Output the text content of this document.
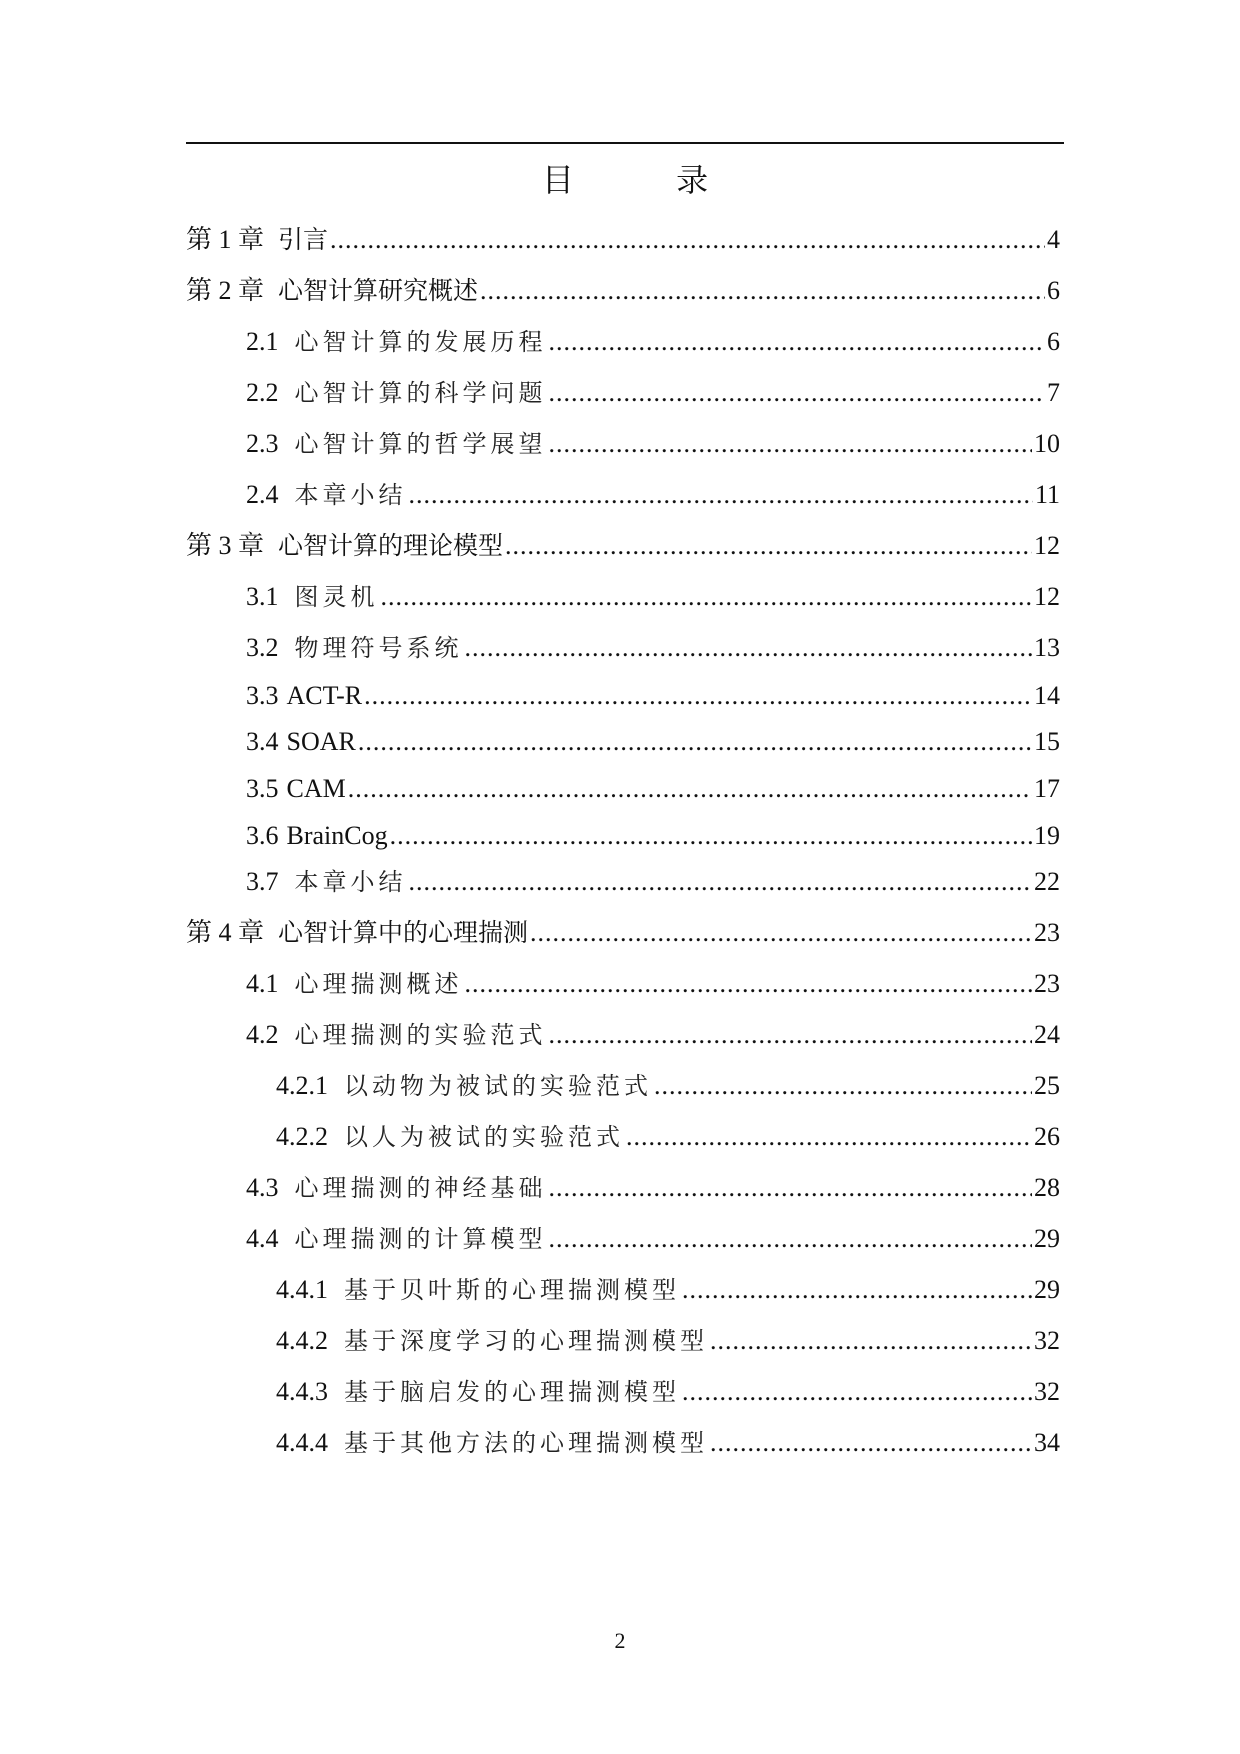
目 录
第 1 章 引言 .....	4
第 2 章 心智计算研究概述 .....	6
2.1 心智计算的发展历程 .....	6
2.2 心智计算的科学问题 .....	7
2.3 心智计算的哲学展望 .....	10
2.4 本章小结 .....	11
第 3 章 心智计算的理论模型 .....	12
3.1 图灵机 .....	12
3.2 物理符号系统 .....	13
3.3 ACT-R .....	14
3.4 SOAR .....	15
3.5 CAM .....	17
3.6 BrainCog .....	19
3.7 本章小结 .....	22
第 4 章 心智计算中的心理揣测 .....	23
4.1 心理揣测概述 .....	23
4.2 心理揣测的实验范式 .....	24
4.2.1 以动物为被试的实验范式 .....	25
4.2.2 以人为被试的实验范式 .....	26
4.3 心理揣测的神经基础 .....	28
4.4 心理揣测的计算模型 .....	29
4.4.1 基于贝叶斯的心理揣测模型 .....	29
4.4.2 基于深度学习的心理揣测模型 .....	32
4.4.3 基于脑启发的心理揣测模型 .....	32
4.4.4 基于其他方法的心理揣测模型 .....	34
2
